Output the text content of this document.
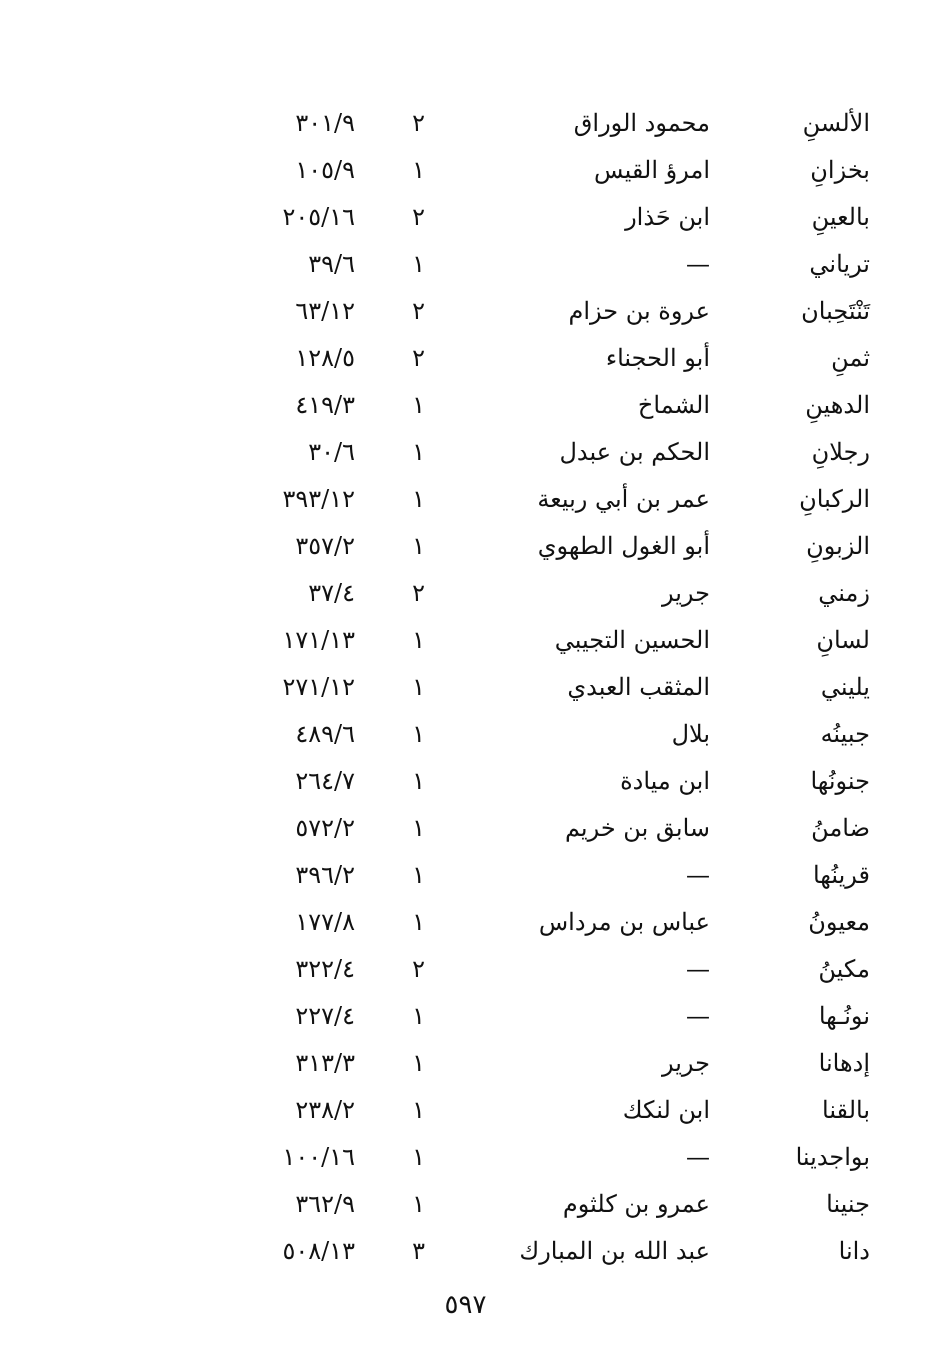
الألسنِ
محمود الوراق
٢
٣٠١/٩
بخزانِ
امرؤ القيس
١
١٠٥/٩
بالعينِ
ابن حَذار
٢
٢٠٥/١٦
ترياني
—
١
٣٩/٦
تَنْتَحِبان
عروة بن حزام
٢
٦٣/١٢
ثمنِ
أبو الحجناء
٢
١٢٨/٥
الدهينِ
الشماخ
١
٤١٩/٣
رجلانِ
الحكم بن عبدل
١
٣٠/٦
الركبانِ
عمر بن أبي ربيعة
١
٣٩٣/١٢
الزبونِ
أبو الغول الطهوي
١
٣٥٧/٢
زمني
جرير
٢
٣٧/٤
لسانِ
الحسين التجيبي
١
١٧١/١٣
يليني
المثقب العبدي
١
٢٧١/١٢
جبينُه
بلال
١
٤٨٩/٦
جنونُها
ابن ميادة
١
٢٦٤/٧
ضامنُ
سابق بن خريم
١
٥٧٢/٢
قرينُها
—
١
٣٩٦/٢
معيونُ
عباس بن مرداس
١
١٧٧/٨
مكينُ
—
٢
٣٢٢/٤
نونُـها
—
١
٢٢٧/٤
إدهانا
جرير
١
٣١٣/٣
بالقنا
ابن لنكك
١
٢٣٨/٢
بواجدينا
—
١
١٠٠/١٦
جنينا
عمرو بن كلثوم
١
٣٦٢/٩
دانا
عبد الله بن المبارك
٣
٥٠٨/١٣
٥٩٧
